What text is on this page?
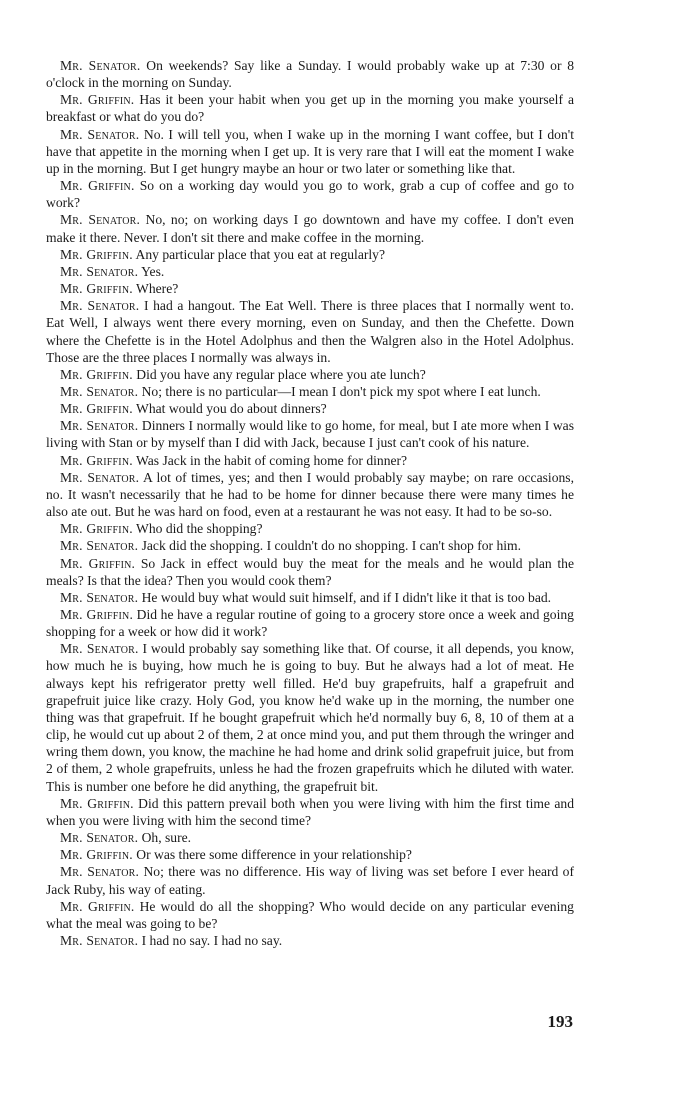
Mr. Senator. On weekends? Say like a Sunday. I would probably wake up at 7:30 or 8 o'clock in the morning on Sunday.

Mr. Griffin. Has it been your habit when you get up in the morning you make yourself a breakfast or what do you do?

Mr. Senator. No. I will tell you, when I wake up in the morning I want coffee, but I don't have that appetite in the morning when I get up. It is very rare that I will eat the moment I wake up in the morning. But I get hungry maybe an hour or two later or something like that.

Mr. Griffin. So on a working day would you go to work, grab a cup of coffee and go to work?

Mr. Senator. No, no; on working days I go downtown and have my coffee. I don't even make it there. Never. I don't sit there and make coffee in the morning.

Mr. Griffin. Any particular place that you eat at regularly?

Mr. Senator. Yes.

Mr. Griffin. Where?

Mr. Senator. I had a hangout. The Eat Well. There is three places that I normally went to. Eat Well, I always went there every morning, even on Sunday, and then the Chefette. Down where the Chefette is in the Hotel Adolphus and then the Walgren also in the Hotel Adolphus. Those are the three places I normally was always in.

Mr. Griffin. Did you have any regular place where you ate lunch?

Mr. Senator. No; there is no particular—I mean I don't pick my spot where I eat lunch.

Mr. Griffin. What would you do about dinners?

Mr. Senator. Dinners I normally would like to go home, for meal, but I ate more when I was living with Stan or by myself than I did with Jack, because I just can't cook of his nature.

Mr. Griffin. Was Jack in the habit of coming home for dinner?

Mr. Senator. A lot of times, yes; and then I would probably say maybe; on rare occasions, no. It wasn't necessarily that he had to be home for dinner because there were many times he also ate out. But he was hard on food, even at a restaurant he was not easy. It had to be so-so.

Mr. Griffin. Who did the shopping?

Mr. Senator. Jack did the shopping. I couldn't do no shopping. I can't shop for him.

Mr. Griffin. So Jack in effect would buy the meat for the meals and he would plan the meals? Is that the idea? Then you would cook them?

Mr. Senator. He would buy what would suit himself, and if I didn't like it that is too bad.

Mr. Griffin. Did he have a regular routine of going to a grocery store once a week and going shopping for a week or how did it work?

Mr. Senator. I would probably say something like that. Of course, it all depends, you know, how much he is buying, how much he is going to buy. But he always had a lot of meat. He always kept his refrigerator pretty well filled. He'd buy grapefruits, half a grapefruit and grapefruit juice like crazy. Holy God, you know he'd wake up in the morning, the number one thing was that grapefruit. If he bought grapefruit which he'd normally buy 6, 8, 10 of them at a clip, he would cut up about 2 of them, 2 at once mind you, and put them through the wringer and wring them down, you know, the machine he had home and drink solid grapefruit juice, but from 2 of them, 2 whole grapefruits, unless he had the frozen grapefruits which he diluted with water. This is number one before he did anything, the grapefruit bit.

Mr. Griffin. Did this pattern prevail both when you were living with him the first time and when you were living with him the second time?

Mr. Senator. Oh, sure.

Mr. Griffin. Or was there some difference in your relationship?

Mr. Senator. No; there was no difference. His way of living was set before I ever heard of Jack Ruby, his way of eating.

Mr. Griffin. He would do all the shopping? Who would decide on any particular evening what the meal was going to be?

Mr. Senator. I had no say. I had no say.

193
